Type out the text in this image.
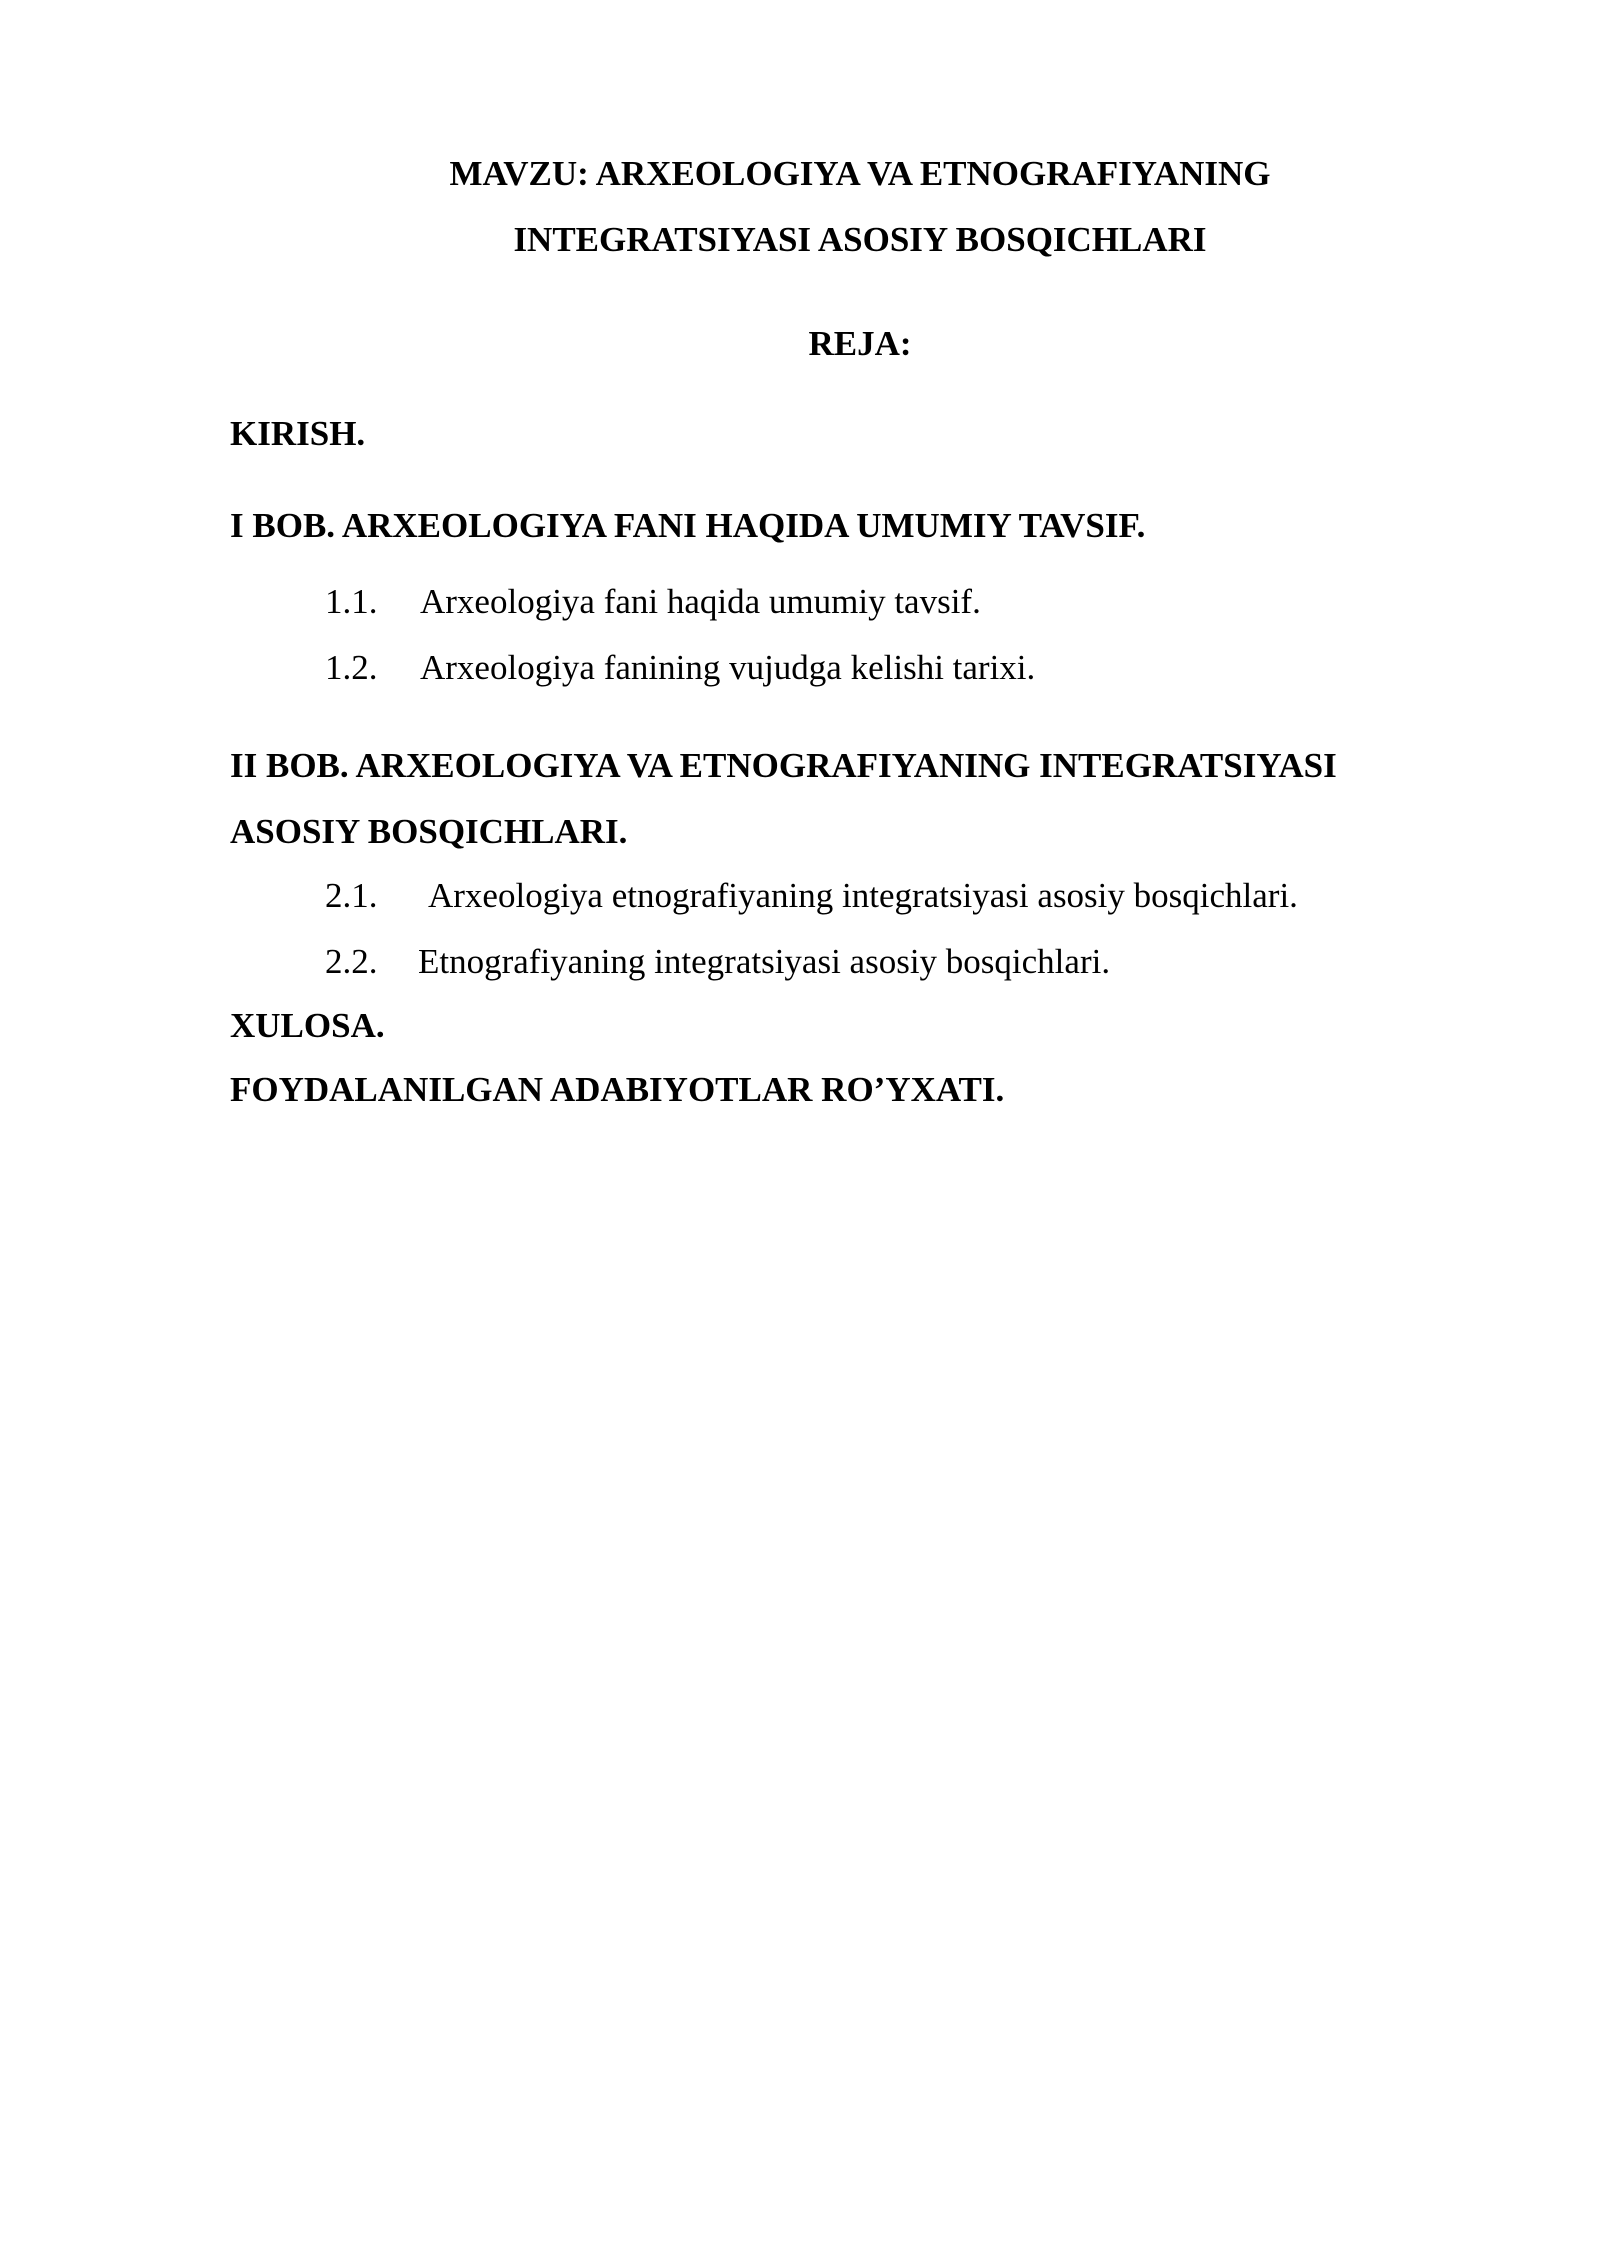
MAVZU: ARXEOLOGIYA VA ETNOGRAFIYANING
INTEGRATSIYASI ASOSIY BOSQICHLARI
REJA:
KIRISH.
I BOB. ARXEOLOGIYA FANI HAQIDA UMUMIY TAVSIF.
1.1. Arxeologiya fani haqida umumiy tavsif.
1.2. Arxeologiya fanining vujudga kelishi tarixi.
II BOB. ARXEOLOGIYA VA ETNOGRAFIYANING INTEGRATSIYASI
ASOSIY BOSQICHLARI.
2.1. Arxeologiya etnografiyaning integratsiyasi asosiy bosqichlari.
2.2. Etnografiyaning integratsiyasi asosiy bosqichlari.
XULOSA.
FOYDALANILGAN ADABIYOTLAR RO’YXATI.
